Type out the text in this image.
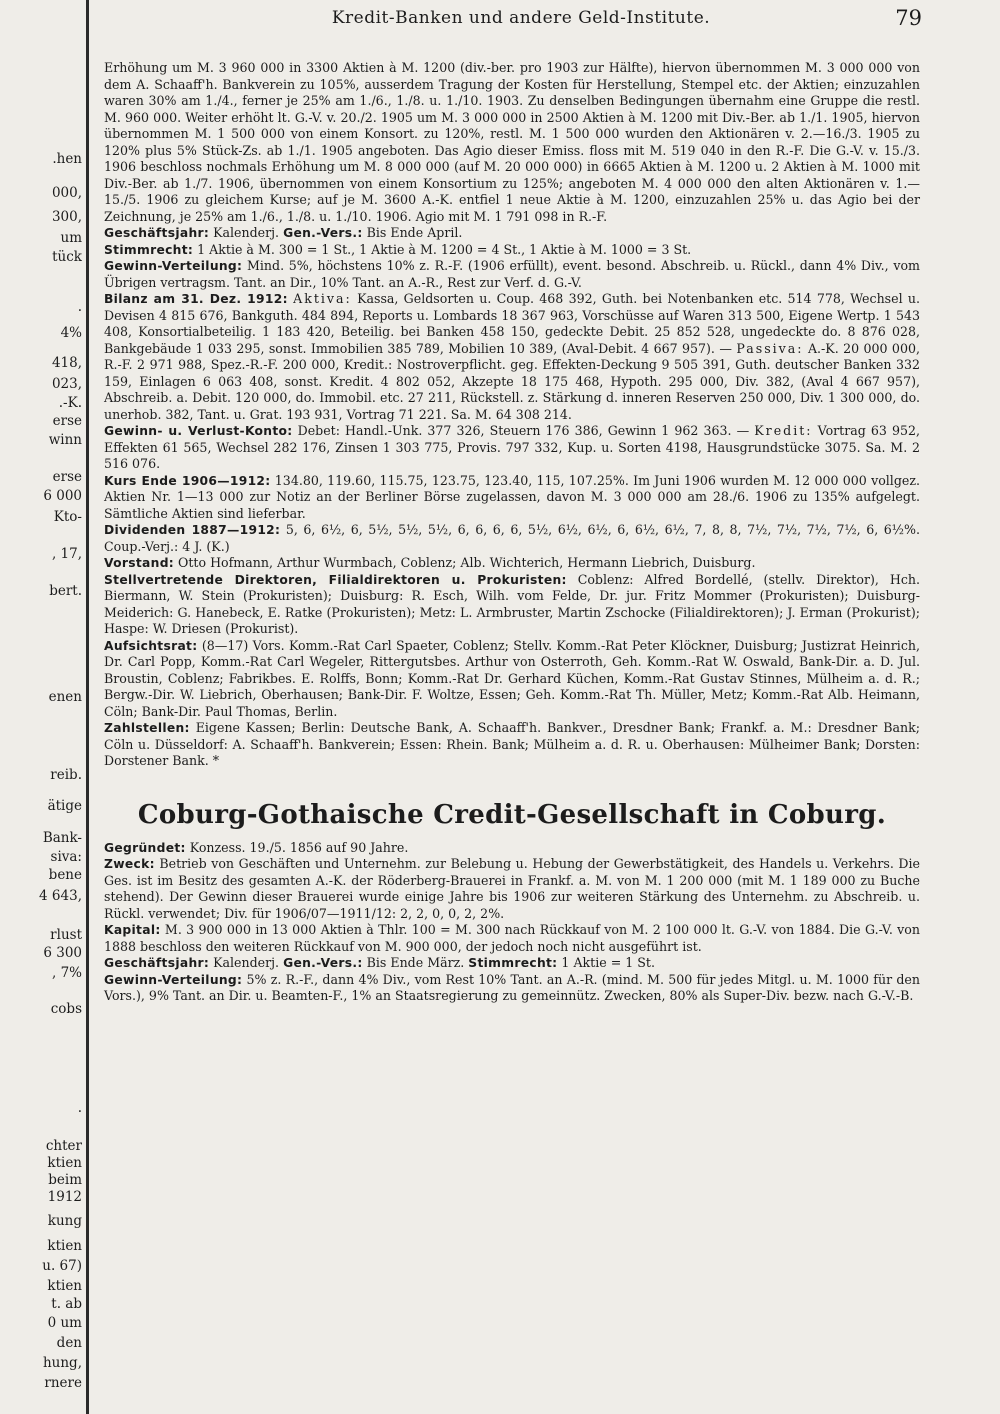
.hen
000,
300,
um
tück
.
4%
418,
023,
.-K.
erse
winn
erse
6 000
Kto-
, 17,
bert.
enen
reib.
ätige
Bank-
siva:
bene
4 643,
rlust
6 300
, 7%
cobs
.
chter
ktien
beim
1912
kung
ktien
u. 67)
ktien
t. ab
0 um
den
hung,
rnere
Kredit-Banken und andere Geld-Institute.	79

Erhöhung um M. 3 960 000 in 3300 Aktien à M. 1200 (div.-ber. pro 1903 zur Hälfte), hiervon übernommen M. 3 000 000 von dem A. Schaaff'h. Bankverein zu 105%, ausserdem Tragung der Kosten für Herstellung, Stempel etc. der Aktien; einzuzahlen waren 30% am 1./4., ferner je 25% am 1./6., 1./8. u. 1./10. 1903. Zu denselben Bedingungen übernahm eine Gruppe die restl. M. 960 000. Weiter erhöht lt. G.-V. v. 20./2. 1905 um M. 3 000 000 in 2500 Aktien à M. 1200 mit Div.-Ber. ab 1./1. 1905, hiervon übernommen M. 1 500 000 von einem Konsort. zu 120%, restl. M. 1 500 000 wurden den Aktionären v. 2.—16./3. 1905 zu 120% plus 5% Stück-Zs. ab 1./1. 1905 angeboten. Das Agio dieser Emiss. floss mit M. 519 040 in den R.-F. Die G.-V. v. 15./3. 1906 beschloss nochmals Erhöhung um M. 8 000 000 (auf M. 20 000 000) in 6665 Aktien à M. 1200 u. 2 Aktien à M. 1000 mit Div.-Ber. ab 1./7. 1906, übernommen von einem Konsortium zu 125%; angeboten M. 4 000 000 den alten Aktionären v. 1.—15./5. 1906 zu gleichem Kurse; auf je M. 3600 A.-K. entfiel 1 neue Aktie à M. 1200, einzuzahlen 25% u. das Agio bei der Zeichnung, je 25% am 1./6., 1./8. u. 1./10. 1906. Agio mit M. 1 791 098 in R.-F.

Geschäftsjahr: Kalenderj. Gen.-Vers.: Bis Ende April.

Stimmrecht: 1 Aktie à M. 300 = 1 St., 1 Aktie à M. 1200 = 4 St., 1 Aktie à M. 1000 = 3 St.

Gewinn-Verteilung: Mind. 5%, höchstens 10% z. R.-F. (1906 erfüllt), event. besond. Abschreib. u. Rückl., dann 4% Div., vom Übrigen vertragsm. Tant. an Dir., 10% Tant. an A.-R., Rest zur Verf. d. G.-V.

Bilanz am 31. Dez. 1912: Aktiva: Kassa, Geldsorten u. Coup. 468 392, Guth. bei Notenbanken etc. 514 778, Wechsel u. Devisen 4 815 676, Bankguth. 484 894, Reports u. Lombards 18 367 963, Vorschüsse auf Waren 313 500, Eigene Wertp. 1 543 408, Konsortialbeteilig. 1 183 420, Beteilig. bei Banken 458 150, gedeckte Debit. 25 852 528, ungedeckte do. 8 876 028, Bankgebäude 1 033 295, sonst. Immobilien 385 789, Mobilien 10 389, (Aval-Debit. 4 667 957). — Passiva: A.-K. 20 000 000, R.-F. 2 971 988, Spez.-R.-F. 200 000, Kredit.: Nostroverpflicht. geg. Effekten-Deckung 9 505 391, Guth. deutscher Banken 332 159, Einlagen 6 063 408, sonst. Kredit. 4 802 052, Akzepte 18 175 468, Hypoth. 295 000, Div. 382, (Aval 4 667 957), Abschreib. a. Debit. 120 000, do. Immobil. etc. 27 211, Rückstell. z. Stärkung d. inneren Reserven 250 000, Div. 1 300 000, do. unerhob. 382, Tant. u. Grat. 193 931, Vortrag 71 221. Sa. M. 64 308 214.

Gewinn- u. Verlust-Konto: Debet: Handl.-Unk. 377 326, Steuern 176 386, Gewinn 1 962 363. — Kredit: Vortrag 63 952, Effekten 61 565, Wechsel 282 176, Zinsen 1 303 775, Provis. 797 332, Kup. u. Sorten 4198, Hausgrundstücke 3075. Sa. M. 2 516 076.

Kurs Ende 1906—1912: 134.80, 119.60, 115.75, 123.75, 123.40, 115, 107.25%. Im Juni 1906 wurden M. 12 000 000 vollgez. Aktien Nr. 1—13 000 zur Notiz an der Berliner Börse zugelassen, davon M. 3 000 000 am 28./6. 1906 zu 135% aufgelegt. Sämtliche Aktien sind lieferbar.

Dividenden 1887—1912: 5, 6, 6½, 6, 5½, 5½, 5½, 6, 6, 6, 6, 5½, 6½, 6½, 6, 6½, 6½, 7, 8, 8, 7½, 7½, 7½, 7½, 6, 6½%. Coup.-Verj.: 4 J. (K.)

Vorstand: Otto Hofmann, Arthur Wurmbach, Coblenz; Alb. Wichterich, Hermann Liebrich, Duisburg.

Stellvertretende Direktoren, Filialdirektoren u. Prokuristen: Coblenz: Alfred Bordellé, (stellv. Direktor), Hch. Biermann, W. Stein (Prokuristen); Duisburg: R. Esch, Wilh. vom Felde, Dr. jur. Fritz Mommer (Prokuristen); Duisburg-Meiderich: G. Hanebeck, E. Ratke (Prokuristen); Metz: L. Armbruster, Martin Zschocke (Filialdirektoren); J. Erman (Prokurist); Haspe: W. Driesen (Prokurist).

Aufsichtsrat: (8—17) Vors. Komm.-Rat Carl Spaeter, Coblenz; Stellv. Komm.-Rat Peter Klöckner, Duisburg; Justizrat Heinrich, Dr. Carl Popp, Komm.-Rat Carl Wegeler, Rittergutsbes. Arthur von Osterroth, Geh. Komm.-Rat W. Oswald, Bank-Dir. a. D. Jul. Broustin, Coblenz; Fabrikbes. E. Rolffs, Bonn; Komm.-Rat Dr. Gerhard Küchen, Komm.-Rat Gustav Stinnes, Mülheim a. d. R.; Bergw.-Dir. W. Liebrich, Oberhausen; Bank-Dir. F. Woltze, Essen; Geh. Komm.-Rat Th. Müller, Metz; Komm.-Rat Alb. Heimann, Cöln; Bank-Dir. Paul Thomas, Berlin.

Zahlstellen: Eigene Kassen; Berlin: Deutsche Bank, A. Schaaff'h. Bankver., Dresdner Bank; Frankf. a. M.: Dresdner Bank; Cöln u. Düsseldorf: A. Schaaff'h. Bankverein; Essen: Rhein. Bank; Mülheim a. d. R. u. Oberhausen: Mülheimer Bank; Dorsten: Dorstener Bank. *

Coburg-Gothaische Credit-Gesellschaft in Coburg.

Gegründet: Konzess. 19./5. 1856 auf 90 Jahre.

Zweck: Betrieb von Geschäften und Unternehm. zur Belebung u. Hebung der Gewerbstätigkeit, des Handels u. Verkehrs. Die Ges. ist im Besitz des gesamten A.-K. der Röderberg-Brauerei in Frankf. a. M. von M. 1 200 000 (mit M. 1 189 000 zu Buche stehend). Der Gewinn dieser Brauerei wurde einige Jahre bis 1906 zur weiteren Stärkung des Unternehm. zu Abschreib. u. Rückl. verwendet; Div. für 1906/07—1911/12: 2, 2, 0, 0, 2, 2%.

Kapital: M. 3 900 000 in 13 000 Aktien à Thlr. 100 = M. 300 nach Rückkauf von M. 2 100 000 lt. G.-V. von 1884. Die G.-V. von 1888 beschloss den weiteren Rückkauf von M. 900 000, der jedoch noch nicht ausgeführt ist.

Geschäftsjahr: Kalenderj. Gen.-Vers.: Bis Ende März. Stimmrecht: 1 Aktie = 1 St.

Gewinn-Verteilung: 5% z. R.-F., dann 4% Div., vom Rest 10% Tant. an A.-R. (mind. M. 500 für jedes Mitgl. u. M. 1000 für den Vors.), 9% Tant. an Dir. u. Beamten-F., 1% an Staatsregierung zu gemeinnütz. Zwecken, 80% als Super-Div. bezw. nach G.-V.-B.
